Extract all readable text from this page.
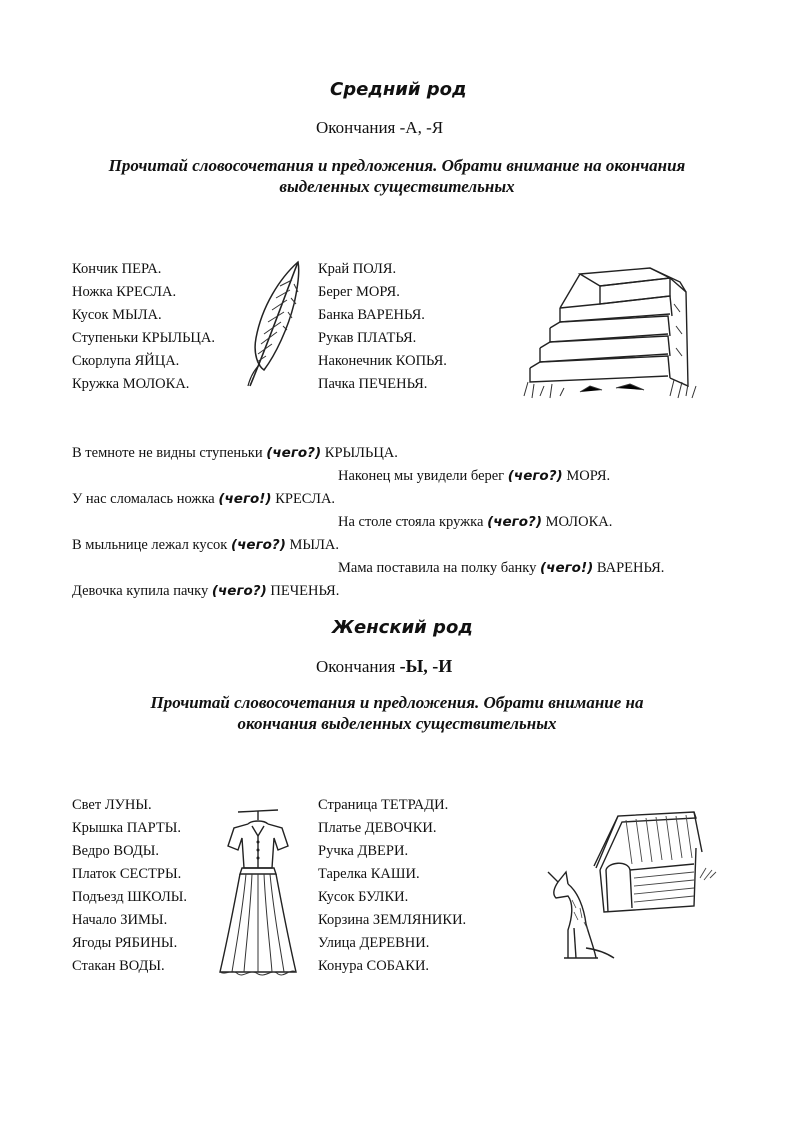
Средний род
Окончания -А, -Я
Прочитай словосочетания и предложения. Обрати внимание на окончания
выделенных существительных
Кончик ПЕРА.
Ножка КРЕСЛА.
Кусок МЫЛА.
Ступеньки КРЫЛЬЦА.
Скорлупа ЯЙЦА.
Кружка МОЛОКА.
Край ПОЛЯ.
Берег МОРЯ.
Банка ВАРЕНЬЯ.
Рукав ПЛАТЬЯ.
Наконечник КОПЬЯ.
Пачка ПЕЧЕНЬЯ.
В темноте не видны ступеньки (чего?) КРЫЛЬЦА.
Наконец мы увидели берег (чего?) МОРЯ.
У нас сломалась ножка (чего!) КРЕСЛА.
На столе стояла кружка (чего?) МОЛОКА.
В мыльнице лежал кусок (чего?) МЫЛА.
Мама поставила на полку банку (чего!) ВАРЕНЬЯ.
Девочка купила пачку (чего?) ПЕЧЕНЬЯ.
Женский род
Окончания -Ы, -И
Прочитай словосочетания и предложения. Обрати внимание на
окончания выделенных существительных
Свет ЛУНЫ.
Крышка ПАРТЫ.
Ведро ВОДЫ.
Платок СЕСТРЫ.
Подъезд ШКОЛЫ.
Начало ЗИМЫ.
Ягоды РЯБИНЫ.
Стакан ВОДЫ.
Страница ТЕТРАДИ.
Платье ДЕВОЧКИ.
Ручка ДВЕРИ.
Тарелка КАШИ.
Кусок БУЛКИ.
Корзина ЗЕМЛЯНИКИ.
Улица ДЕРЕВНИ.
Конура СОБАКИ.
